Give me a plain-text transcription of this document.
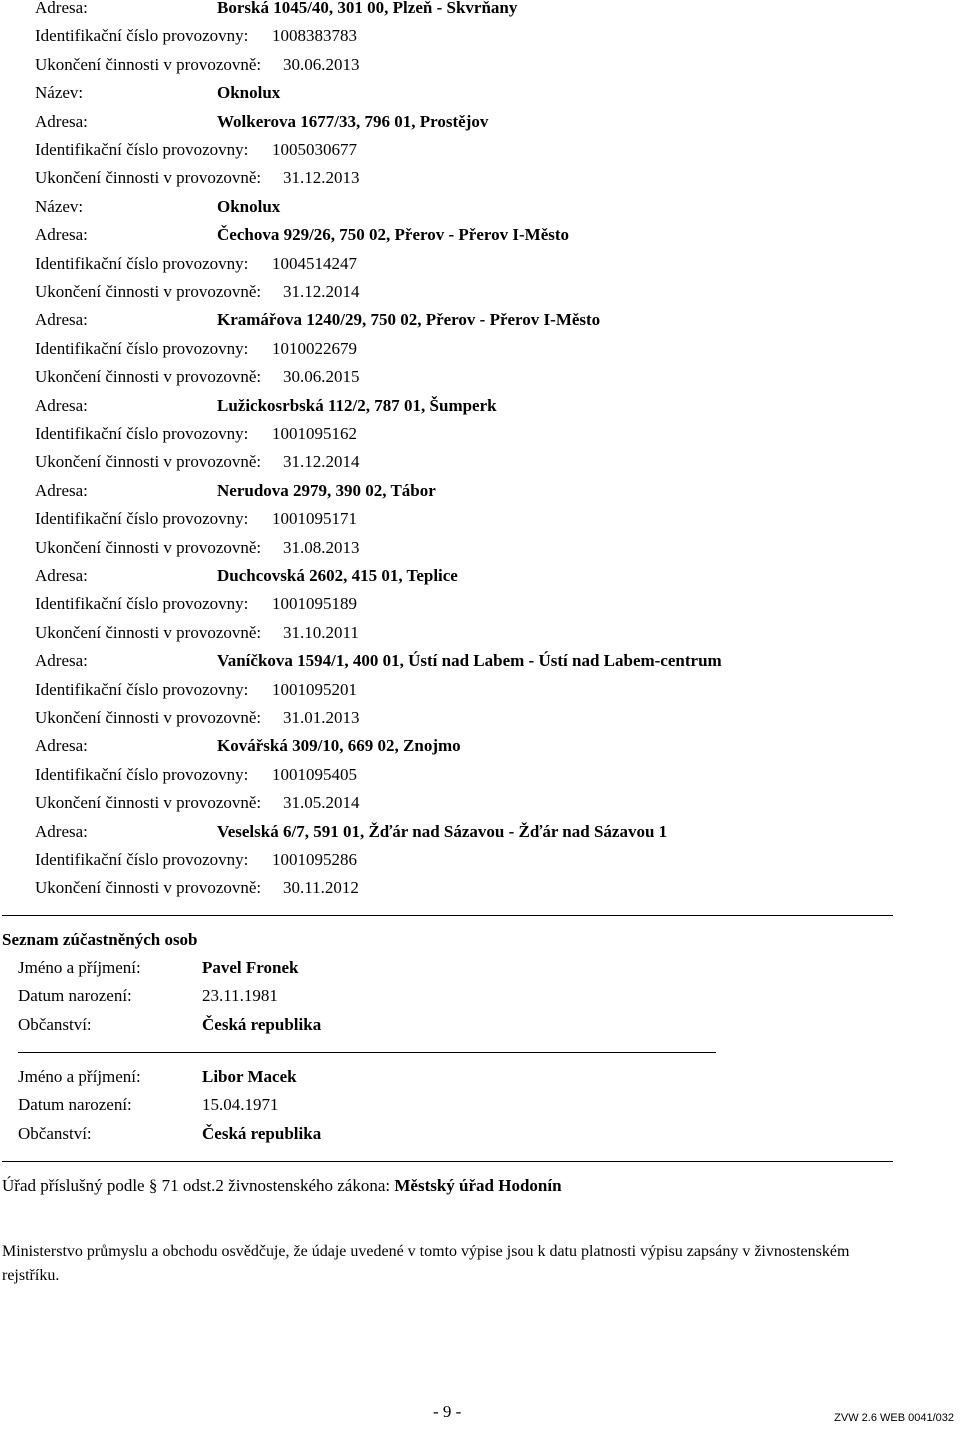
Adresa:	Borská 1045/40, 301 00, Plzeň - Skvrňany
Identifikační číslo provozovny: 1008383783
Ukončení činnosti v provozovně: 30.06.2013
Název:	Oknolux
Adresa:	Wolkerova 1677/33, 796 01, Prostějov
Identifikační číslo provozovny: 1005030677
Ukončení činnosti v provozovně: 31.12.2013
Název:	Oknolux
Adresa:	Čechova 929/26, 750 02, Přerov - Přerov I-Město
Identifikační číslo provozovny: 1004514247
Ukončení činnosti v provozovně: 31.12.2014
Adresa:	Kramářova 1240/29, 750 02, Přerov - Přerov I-Město
Identifikační číslo provozovny: 1010022679
Ukončení činnosti v provozovně: 30.06.2015
Adresa:	Lužickosrbská 112/2, 787 01, Šumperk
Identifikační číslo provozovny: 1001095162
Ukončení činnosti v provozovně: 31.12.2014
Adresa:	Nerudova 2979, 390 02, Tábor
Identifikační číslo provozovny: 1001095171
Ukončení činnosti v provozovně: 31.08.2013
Adresa:	Duchcovská 2602, 415 01, Teplice
Identifikační číslo provozovny: 1001095189
Ukončení činnosti v provozovně: 31.10.2011
Adresa:	Vaníčkova 1594/1, 400 01, Ústí nad Labem - Ústí nad Labem-centrum
Identifikační číslo provozovny: 1001095201
Ukončení činnosti v provozovně: 31.01.2013
Adresa:	Kovářská 309/10, 669 02, Znojmo
Identifikační číslo provozovny: 1001095405
Ukončení činnosti v provozovně: 31.05.2014
Adresa:	Veselská 6/7, 591 01, Žďár nad Sázavou - Žďár nad Sázavou 1
Identifikační číslo provozovny: 1001095286
Ukončení činnosti v provozovně: 30.11.2012
Seznam zúčastněných osob
Jméno a příjmení:	Pavel Fronek
Datum narození:	23.11.1981
Občanství:	Česká republika
Jméno a příjmení:	Libor Macek
Datum narození:	15.04.1971
Občanství:	Česká republika
Úřad příslušný podle § 71 odst.2 živnostenského zákona: Městský úřad Hodonín
Ministerstvo průmyslu a obchodu osvědčuje, že údaje uvedené v tomto výpise jsou k datu platnosti výpisu zapsány v živnostenském rejstříku.
- 9 -	ZVW 2.6 WEB 0041/032
